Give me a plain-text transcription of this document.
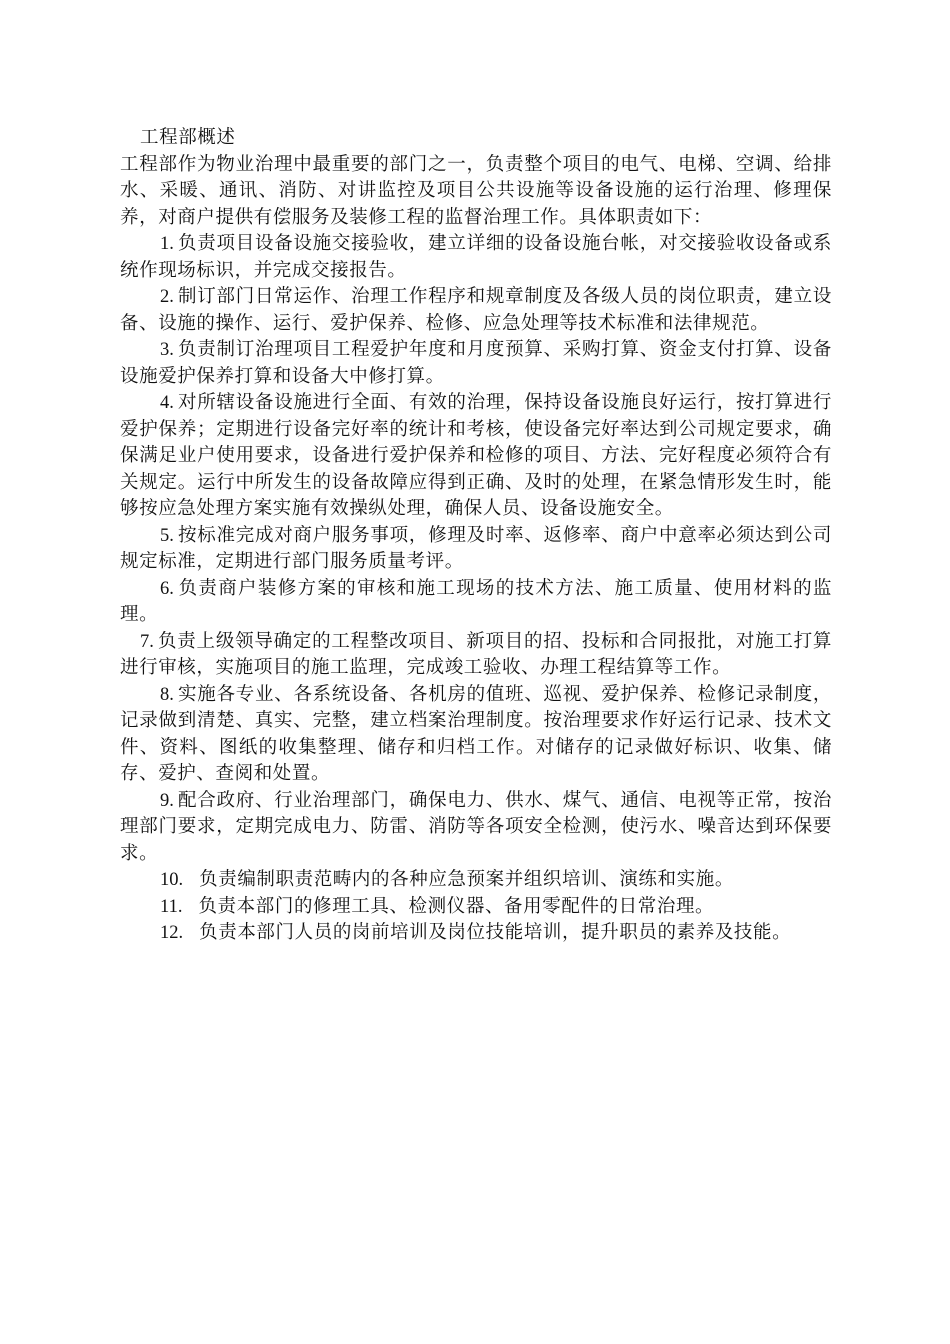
工程部概述

工程部作为物业治理中最重要的部门之一，负责整个项目的电气、电梯、空调、给排水、采暖、通讯、消防、对讲监控及项目公共设施等设备设施的运行治理、修理保养，对商户提供有偿服务及装修工程的监督治理工作。具体职责如下：

1. 负责项目设备设施交接验收，建立详细的设备设施台帐，对交接验收设备或系统作现场标识，并完成交接报告。

2. 制订部门日常运作、治理工作程序和规章制度及各级人员的岗位职责，建立设备、设施的操作、运行、爱护保养、检修、应急处理等技术标准和法律规范。

3. 负责制订治理项目工程爱护年度和月度预算、采购打算、资金支付打算、设备设施爱护保养打算和设备大中修打算。

4. 对所辖设备设施进行全面、有效的治理，保持设备设施良好运行，按打算进行爱护保养；定期进行设备完好率的统计和考核，使设备完好率达到公司规定要求，确保满足业户使用要求，设备进行爱护保养和检修的项目、方法、完好程度必须符合有关规定。运行中所发生的设备故障应得到正确、及时的处理，在紧急情形发生时，能够按应急处理方案实施有效操纵处理，确保人员、设备设施安全。

5. 按标准完成对商户服务事项，修理及时率、返修率、商户中意率必须达到公司规定标准，定期进行部门服务质量考评。

6. 负责商户装修方案的审核和施工现场的技术方法、施工质量、使用材料的监理。

7. 负责上级领导确定的工程整改项目、新项目的招、投标和合同报批，对施工打算进行审核，实施项目的施工监理，完成竣工验收、办理工程结算等工作。

8. 实施各专业、各系统设备、各机房的值班、巡视、爱护保养、检修记录制度，记录做到清楚、真实、完整，建立档案治理制度。按治理要求作好运行记录、技术文件、资料、图纸的收集整理、储存和归档工作。对储存的记录做好标识、收集、储存、爱护、查阅和处置。

9. 配合政府、行业治理部门，确保电力、供水、煤气、通信、电视等正常，按治理部门要求，定期完成电力、防雷、消防等各项安全检测，使污水、噪音达到环保要求。

10. 负责编制职责范畴内的各种应急预案并组织培训、演练和实施。

11. 负责本部门的修理工具、检测仪器、备用零配件的日常治理。

12. 负责本部门人员的岗前培训及岗位技能培训，提升职员的素养及技能。
